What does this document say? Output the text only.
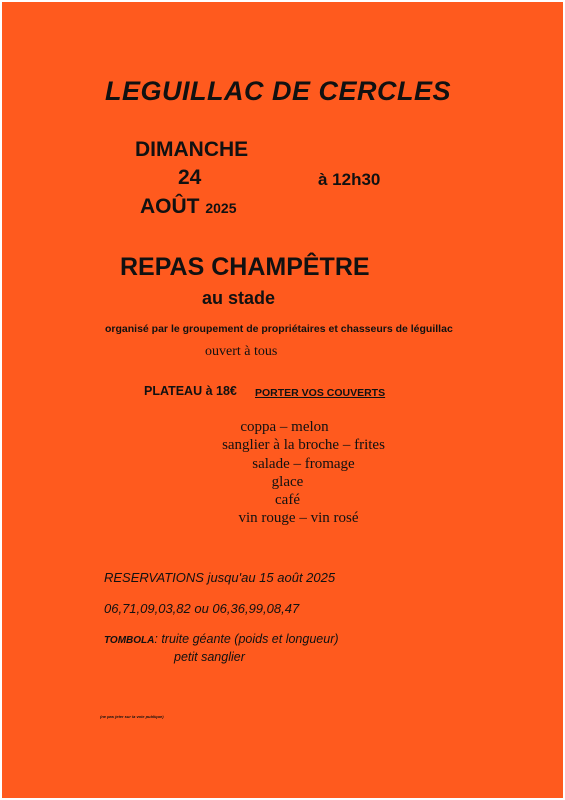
LEGUILLAC DE CERCLES
DIMANCHE
24
AOÛT 2025
à 12h30
REPAS CHAMPÊTRE
au stade
organisé par le groupement de propriétaires et chasseurs de léguillac
ouvert à tous
PLATEAU à 18€ PORTER VOS COUVERTS
coppa – melon
sanglier à la broche – frites
salade – fromage
glace
café
vin rouge – vin rosé
RESERVATIONS jusqu'au 15 août 2025
06,71,09,03,82 ou 06,36,99,08,47
TOMBOLA: truite géante (poids et longueur)
petit sanglier
(ne pas jeter sur la voie publique)
